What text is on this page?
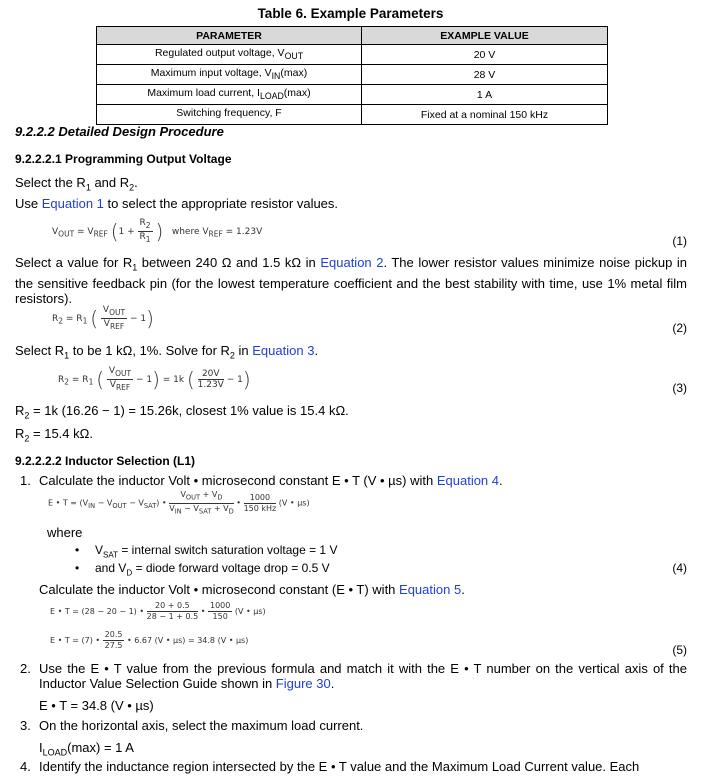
Table 6. Example Parameters
PARAMETER	EXAMPLE VALUE
Regulated output voltage, $V_{OUT}$	20 V
Maximum input voltage, $V_{IN}(\max)$	28 V
Maximum load current, $I_{LOAD}(\max)$	1 A
Switching frequency, F	Fixed at a nominal 150 kHz
9.2.2.2 Detailed Design Procedure
9.2.2.2.1 Programming Output Voltage
Select the $R_1$ and $R_2$.
Use Equation 1 to select the appropriate resistor values.
$V_{OUT} = V_{REF}$ ($1 + \frac{R_2}{R_1}$ ) where $V_{REF} = 1.23V$
(1)
Select a value for $R_1$ between 240 Ω and 1.5 kΩ in Equation 2. The lower resistor values minimize noise pickup in the sensitive feedback pin (for the lowest temperature coefficient and the best stability with time, use 1% metal film resistors).
$R_2 = R_1$ ( $\frac{V_{OUT}}{V_{REF}} - 1$)	(2)
Select $R_1$ to be 1 kΩ, 1%. Solve for $R_2$ in Equation 3.
$R_2 = R_1$ ( $\frac{V_{OUT}}{V_{REF}} - 1) = 1k$ ( $\frac{20V}{1.23V} - 1$)	(3)
$R_2 = 1k$ (16.26 − 1) = 15.26k, closest 1% value is 15.4 kΩ.
$R_2 = 15.4$ kΩ.
9.2.2.2.2 Inductor Selection (L1)
1. Calculate the inductor Volt • microsecond constant E • T (V • µs) with Equation 4.
E • $T = (V_{IN} - V_{OUT} - V_{SAT})$ • $\frac{V_{OUT} + V_D}{V_{IN} - V_{SAT} + V_D}$ • $\frac{1000}{\text{150 kHz}} (V$ • µs)
where
• $V_{SAT}$ = internal switch saturation voltage = 1 V
• and $V_D$ = diode forward voltage drop = 0.5 V	(4)
Calculate the inductor Volt • microsecond constant (E • T) with Equation 5.
E • T = (28 − 20 − 1) • $\frac{20 + 0.5}{28 - 1 + 0.5}$ • $\frac{1000}{150} (V$ • µs)
E • T = (7) • $\frac{20.5}{27.5}$ • 6.67 (V • µs) = 34.8 (V • µs)
(5)
2. Use the E • T value from the previous formula and match it with the E • T number on the vertical axis of the Inductor Value Selection Guide shown in Figure 30.
E • T = 34.8 (V • µs)
3. On the horizontal axis, select the maximum load current.
$I_{LOAD}(\max) = 1$ A
4. Identify the inductance region intersected by the E • T value and the Maximum Load Current value. Each
